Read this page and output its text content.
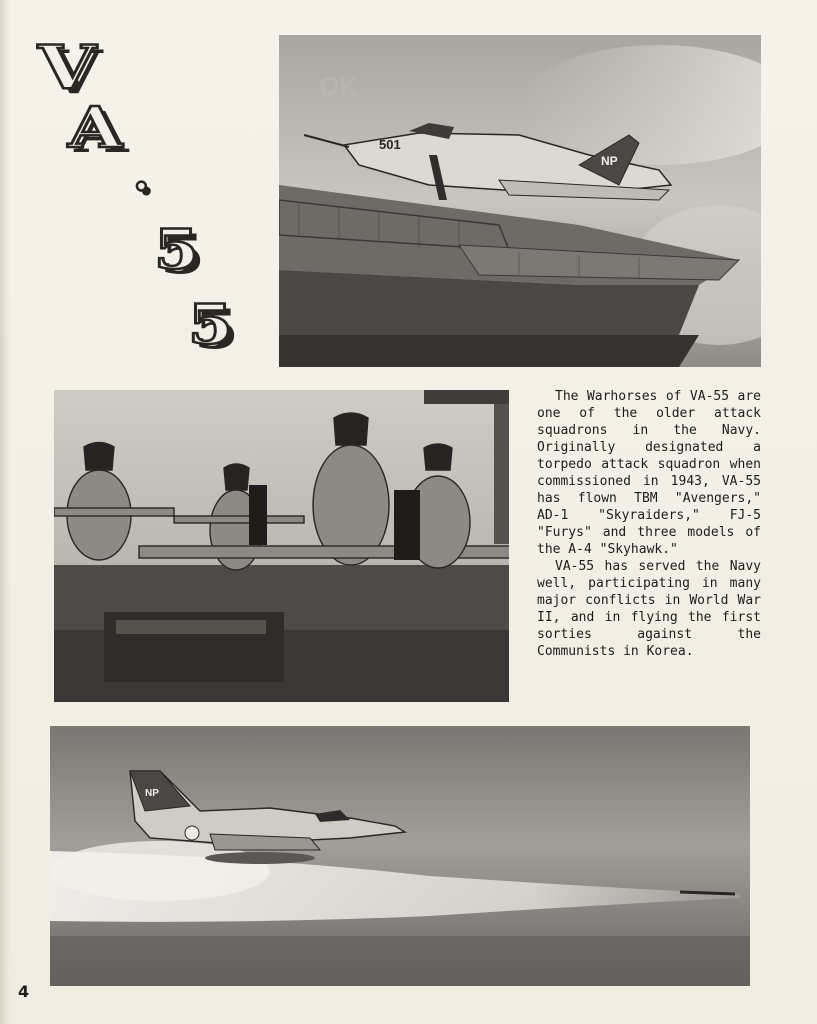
V
A
.
5
5
501
NP
OK

The Warhorses of VA-55 are one of the older attack squadrons in the Navy. Originally designated a torpedo attack squadron when commissioned in 1943, VA-55 has flown TBM "Avengers," AD-1 "Skyraiders," FJ-5 "Furys" and three models of the A-4 "Skyhawk."

VA-55 has served the Navy well, participating in many major conflicts in World War II, and in flying the first sorties against the Communists in Korea.

NP
4
